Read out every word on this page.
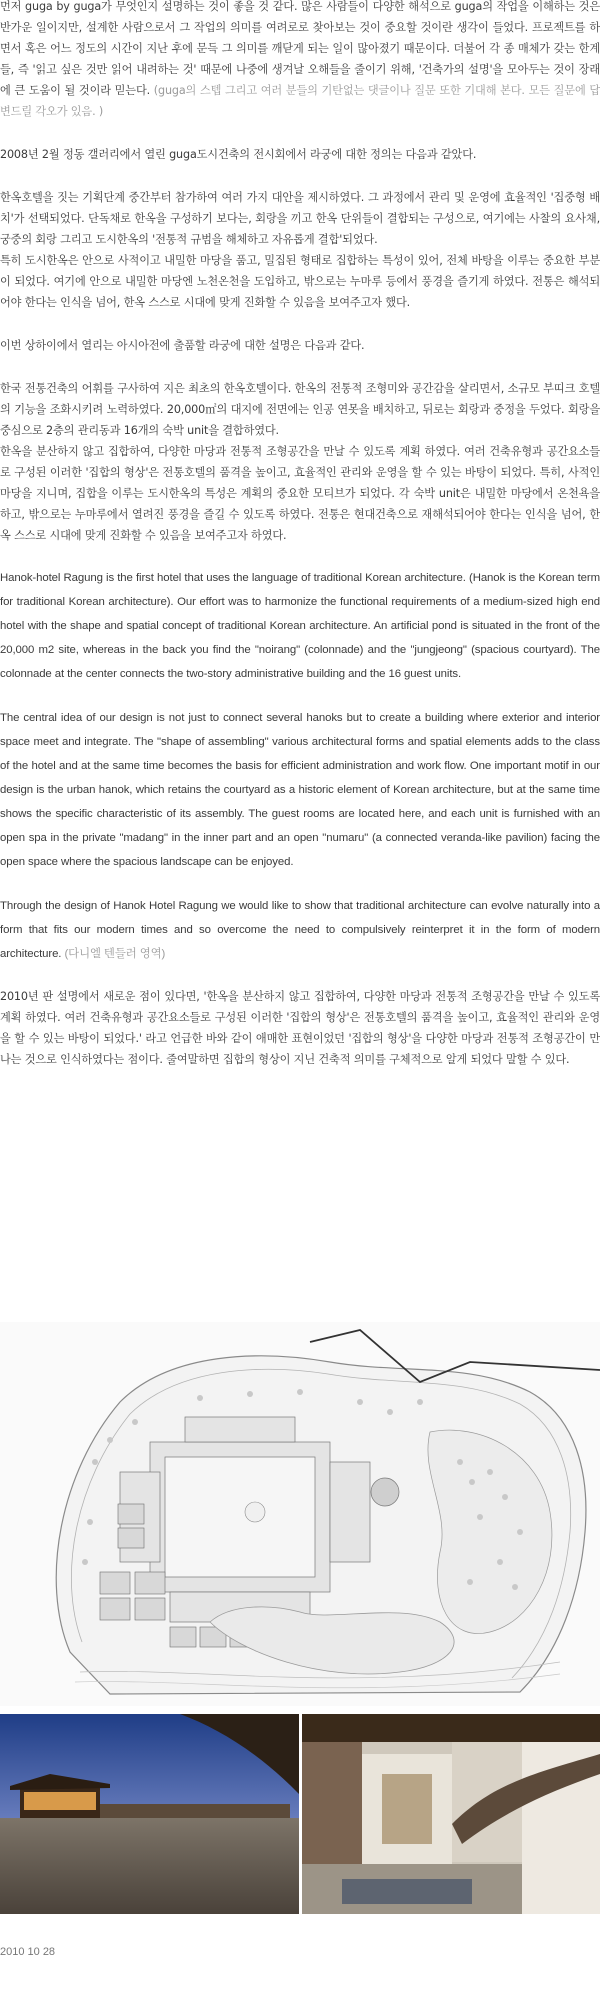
먼저 guga by guga가 무엇인지 설명하는 것이 좋을 것 같다. 많은 사람들이 다양한 해석으로 guga의 작업을 이해하는 것은 반가운 일이지만, 설계한 사람으로서 그 작업의 의미를 여려로로 찾아보는 것이 중요할 것이란 생각이 들었다. 프로젝트를 하면서 혹은 어느 정도의 시간이 지난 후에 문득 그 의미를 깨닫게 되는 일이 많아졌기 때문이다. 더불어 각 종 매체가 갖는 한계들, 즉 '읽고 싶은 것만 읽어 내려하는 것' 때문에 나중에 생겨날 오해들을 줄이기 위해, '건축가의 설명'을 모아두는 것이 장래에 큰 도움이 될 것이라 믿는다. (guga의 스텝 그리고 여러 분들의 기탄없는 댓글이나 질문 또한 기대해 본다. 모든 질문에 답변드릴 각오가 있음. )

2008년 2월 정동 갤러리에서 열린 guga도시건축의 전시회에서 라궁에 대한 정의는 다음과 같았다.

한옥호텔을 짓는 기획단계 중간부터 참가하여 여러 가지 대안을 제시하였다. 그 과정에서 관리 및 운영에 효율적인 '집중형 배치'가 선택되었다. 단독채로 한옥을 구성하기 보다는, 회랑을 끼고 한옥 단위들이 결합되는 구성으로, 여기에는 사찰의 요사채, 궁중의 회랑 그리고 도시한옥의 '전통적 규범을 해체하고 자유롭게 결합'되었다.

특히 도시한옥은 안으로 사적이고 내밀한 마당을 품고, 밀집된 형태로 집합하는 특성이 있어, 전체 바탕을 이루는 중요한 부분이 되었다. 여기에 안으로 내밀한 마당엔 노천온천을 도입하고, 밖으로는 누마루 등에서 풍경을 즐기게 하였다. 전통은 해석되어야 한다는 인식을 넘어, 한옥 스스로 시대에 맞게 진화할 수 있음을 보여주고자 했다.

이번 상하이에서 열리는 아시아전에 출품할 라궁에 대한 설명은 다음과 같다.

한국 전통건축의 어휘를 구사하여 지은 최초의 한옥호텔이다. 한옥의 전통적 조형미와 공간감을 살리면서, 소규모 부띠크 호텔의 기능을 조화시키려 노력하였다. 20,000㎡의 대지에 전면에는 인공 연못을 배치하고, 뒤로는 회랑과 중정을 두었다. 회랑을 중심으로 2층의 관리동과 16개의 숙박 unit을 결합하였다.

한옥을 분산하지 않고 집합하여, 다양한 마당과 전통적 조형공간을 만날 수 있도록 계획 하였다. 여러 건축유형과 공간요소들로 구성된 이러한 '집합의 형상'은 전통호텔의 품격을 높이고, 효율적인 관리와 운영을 할 수 있는 바탕이 되었다. 특히, 사적인 마당을 지니며, 집합을 이루는 도시한옥의 특성은 계획의 중요한 모티브가 되었다. 각 숙박 unit은 내밀한 마당에서 온천욕을 하고, 밖으로는 누마루에서 열려진 풍경을 즐길 수 있도록 하였다. 전통은 현대건축으로 재해석되어야 한다는 인식을 넘어, 한옥 스스로 시대에 맞게 진화할 수 있음을 보여주고자 하였다.

Hanok-hotel Ragung is the first hotel that uses the language of traditional Korean architecture. (Hanok is the Korean term for traditional Korean architecture). Our effort was to harmonize the functional requirements of a medium-sized high end hotel with the shape and spatial concept of traditional Korean architecture. An artificial pond is situated in the front of the 20,000 m2 site, whereas in the back you find the "noirang" (colonnade) and the "jungjeong" (spacious courtyard). The colonnade at the center connects the two-story administrative building and the 16 guest units.

The central idea of our design is not just to connect several hanoks but to create a building where exterior and interior space meet and integrate. The "shape of assembling" various architectural forms and spatial elements adds to the class of the hotel and at the same time becomes the basis for efficient administration and work flow. One important motif in our design is the urban hanok, which retains the courtyard as a historic element of Korean architecture, but at the same time shows the specific characteristic of its assembly. The guest rooms are located here, and each unit is furnished with an open spa in the private "madang" in the inner part and an open "numaru" (a connected veranda-like pavilion) facing the open space where the spacious landscape can be enjoyed.

Through the design of Hanok Hotel Ragung we would like to show that traditional architecture can evolve naturally into a form that fits our modern times and so overcome the need to compulsively reinterpret it in the form of modern architecture. (다니엘 텐들러 영역)

2010년 판 설명에서 새로운 점이 있다면, '한옥을 분산하지 않고 집합하여, 다양한 마당과 전통적 조형공간을 만날 수 있도록 계획 하였다. 여러 건축유형과 공간요소들로 구성된 이러한 '집합의 형상'은 전통호텔의 품격을 높이고, 효율적인 관리와 운영을 할 수 있는 바탕이 되었다.' 라고 언급한 바와 같이 애매한 표현이었던 '집합의 형상'을 다양한 마당과 전통적 조형공간이 만나는 것으로 인식하였다는 점이다. 줄여말하면 집합의 형상이 지닌 건축적 의미를 구체적으로 알게 되었다 말할 수 있다.

2010 10 28
